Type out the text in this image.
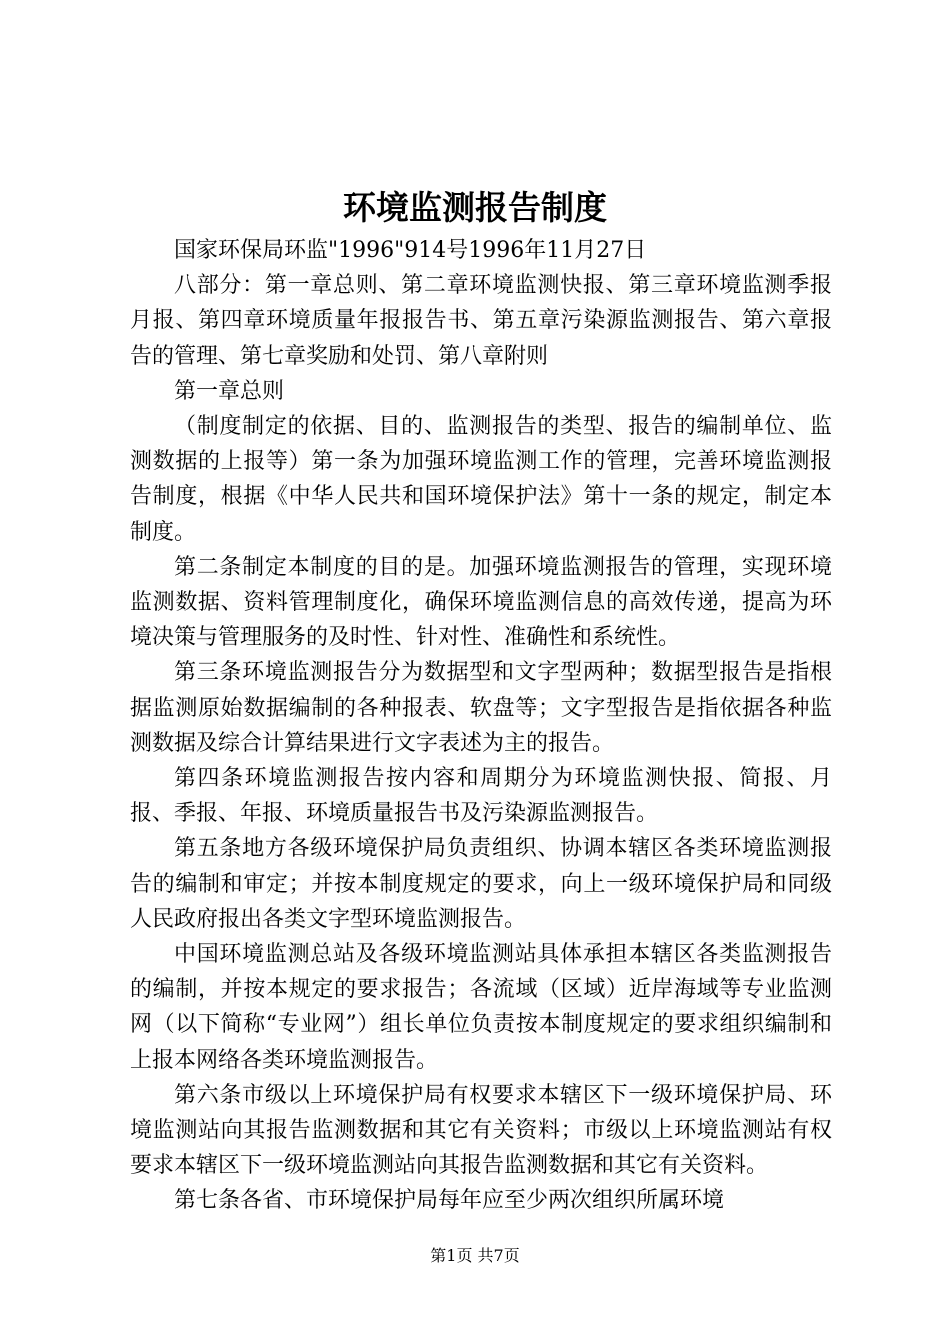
环境监测报告制度

国家环保局环监"1996"914号1996年11月27日

八部分：第一章总则、第二章环境监测快报、第三章环境监测季报月报、第四章环境质量年报报告书、第五章污染源监测报告、第六章报告的管理、第七章奖励和处罚、第八章附则

第一章总则

（制度制定的依据、目的、监测报告的类型、报告的编制单位、监测数据的上报等）第一条为加强环境监测工作的管理，完善环境监测报告制度，根据《中华人民共和国环境保护法》第十一条的规定，制定本制度。

第二条制定本制度的目的是。加强环境监测报告的管理，实现环境监测数据、资料管理制度化，确保环境监测信息的高效传递，提高为环境决策与管理服务的及时性、针对性、准确性和系统性。

第三条环境监测报告分为数据型和文字型两种；数据型报告是指根据监测原始数据编制的各种报表、软盘等；文字型报告是指依据各种监测数据及综合计算结果进行文字表述为主的报告。

第四条环境监测报告按内容和周期分为环境监测快报、简报、月报、季报、年报、环境质量报告书及污染源监测报告。

第五条地方各级环境保护局负责组织、协调本辖区各类环境监测报告的编制和审定；并按本制度规定的要求，向上一级环境保护局和同级人民政府报出各类文字型环境监测报告。

中国环境监测总站及各级环境监测站具体承担本辖区各类监测报告的编制，并按本规定的要求报告；各流域（区域）近岸海域等专业监测网（以下简称“专业网”）组长单位负责按本制度规定的要求组织编制和上报本网络各类环境监测报告。

第六条市级以上环境保护局有权要求本辖区下一级环境保护局、环境监测站向其报告监测数据和其它有关资料；市级以上环境监测站有权要求本辖区下一级环境监测站向其报告监测数据和其它有关资料。

第七条各省、市环境保护局每年应至少两次组织所属环境

第1页 共7页
